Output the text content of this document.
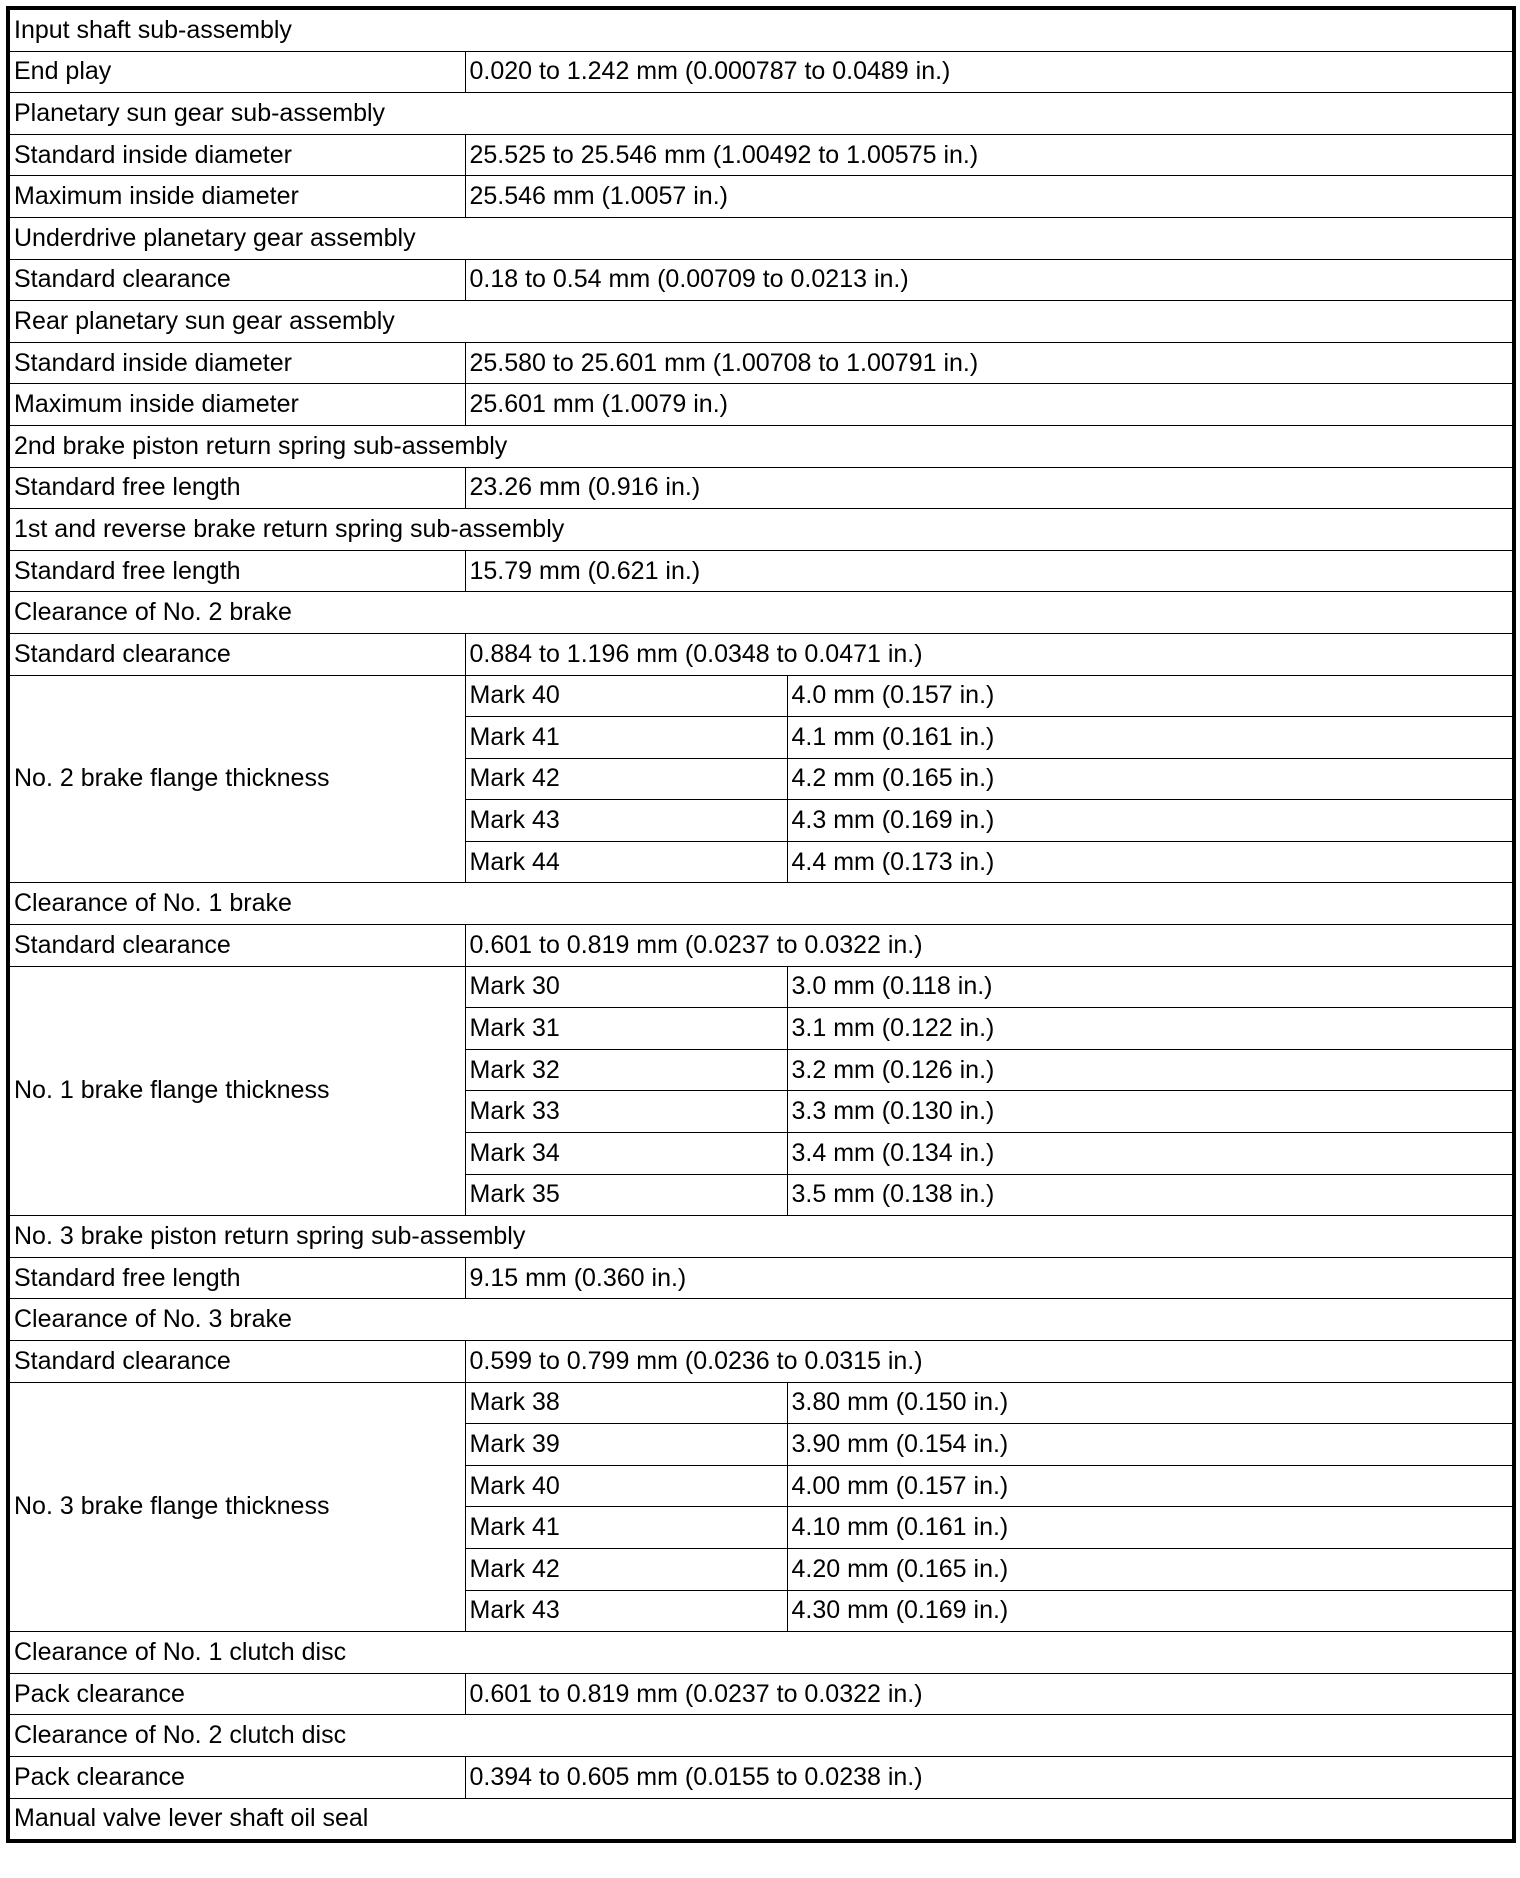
Input shaft sub-assembly		
End play	0.020 to 1.242 mm (0.000787 to 0.0489 in.)	
Planetary sun gear sub-assembly		
Standard inside diameter	25.525 to 25.546 mm (1.00492 to 1.00575 in.)	
Maximum inside diameter	25.546 mm (1.0057 in.)	
Underdrive planetary gear assembly		
Standard clearance	0.18 to 0.54 mm (0.00709 to 0.0213 in.)	
Rear planetary sun gear assembly		
Standard inside diameter	25.580 to 25.601 mm (1.00708 to 1.00791 in.)	
Maximum inside diameter	25.601 mm (1.0079 in.)	
2nd brake piston return spring sub-assembly		
Standard free length	23.26 mm (0.916 in.)	
1st and reverse brake return spring sub-assembly		
Standard free length	15.79 mm (0.621 in.)	
Clearance of No. 2 brake		
Standard clearance	0.884 to 1.196 mm (0.0348 to 0.0471 in.)	
No. 2 brake flange thickness	Mark 40	4.0 mm (0.157 in.)
	Mark 41	4.1 mm (0.161 in.)
	Mark 42	4.2 mm (0.165 in.)
	Mark 43	4.3 mm (0.169 in.)
	Mark 44	4.4 mm (0.173 in.)
Clearance of No. 1 brake		
Standard clearance	0.601 to 0.819 mm (0.0237 to 0.0322 in.)	
No. 1 brake flange thickness	Mark 30	3.0 mm (0.118 in.)
	Mark 31	3.1 mm (0.122 in.)
	Mark 32	3.2 mm (0.126 in.)
	Mark 33	3.3 mm (0.130 in.)
	Mark 34	3.4 mm (0.134 in.)
	Mark 35	3.5 mm (0.138 in.)
No. 3 brake piston return spring sub-assembly		
Standard free length	9.15 mm (0.360 in.)	
Clearance of No. 3 brake		
Standard clearance	0.599 to 0.799 mm (0.0236 to 0.0315 in.)	
No. 3 brake flange thickness	Mark 38	3.80 mm (0.150 in.)
	Mark 39	3.90 mm (0.154 in.)
	Mark 40	4.00 mm (0.157 in.)
	Mark 41	4.10 mm (0.161 in.)
	Mark 42	4.20 mm (0.165 in.)
	Mark 43	4.30 mm (0.169 in.)
Clearance of No. 1 clutch disc		
Pack clearance	0.601 to 0.819 mm (0.0237 to 0.0322 in.)	
Clearance of No. 2 clutch disc		
Pack clearance	0.394 to 0.605 mm (0.0155 to 0.0238 in.)	
Manual valve lever shaft oil seal		
